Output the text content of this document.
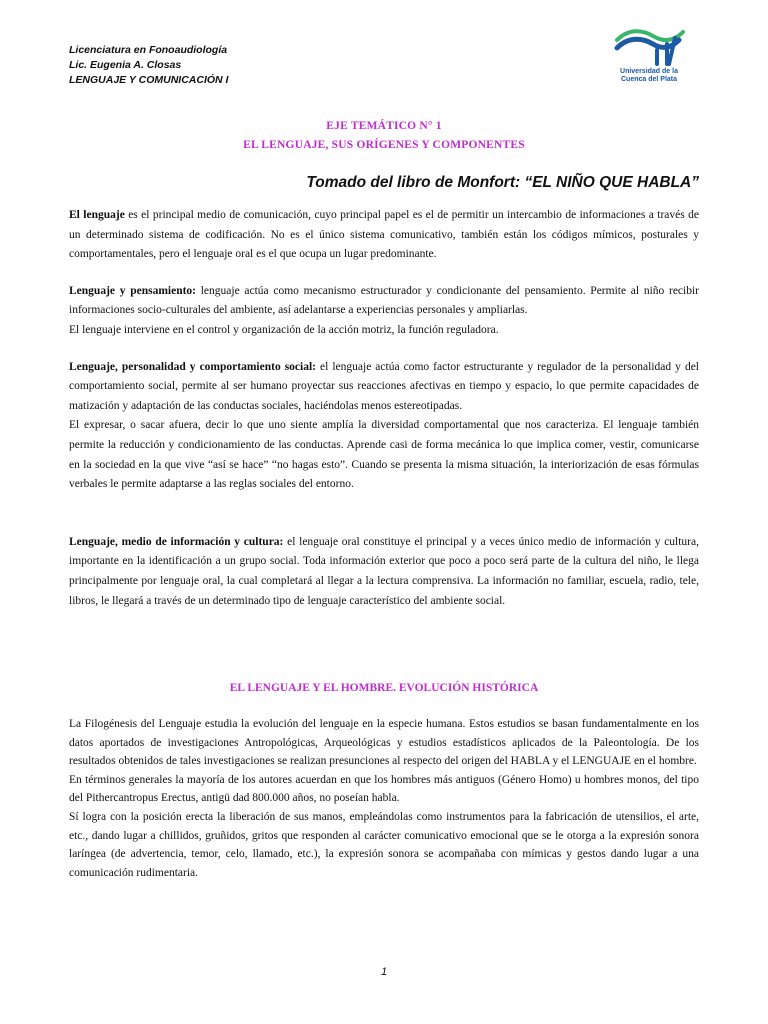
Licenciatura en Fonoaudiología
Lic. Eugenia A. Closas
LENGUAJE Y COMUNICACIÓN I
Universidad de la
Cuenca del Plata
EJE TEMÁTICO N° 1
EL LENGUAJE, SUS ORÍGENES Y COMPONENTES
Tomado del libro de Monfort: “EL NIÑO QUE HABLA”

El lenguaje es el principal medio de comunicación, cuyo principal papel es el de permitir un intercambio de informaciones a través de un determinado sistema de codificación. No es el único sistema comunicativo, también están los códigos mímicos, posturales y comportamentales, pero el lenguaje oral es el que ocupa un lugar predominante.

Lenguaje y pensamiento: lenguaje actúa como mecanismo estructurador y condicionante del pensamiento. Permite al niño recibir informaciones socio-culturales del ambiente, así adelantarse a experiencias personales y ampliarlas.

El lenguaje interviene en el control y organización de la acción motriz, la función reguladora.

Lenguaje, personalidad y comportamiento social: el lenguaje actúa como factor estructurante y regulador de la personalidad y del comportamiento social, permite al ser humano proyectar sus reacciones afectivas en tiempo y espacio, lo que permite capacidades de matización y adaptación de las conductas sociales, haciéndolas menos estereotipadas.

El expresar, o sacar afuera, decir lo que uno siente amplía la diversidad comportamental que nos caracteriza. El lenguaje también permite la reducción y condicionamiento de las conductas. Aprende casi de forma mecánica lo que implica comer, vestir, comunicarse en la sociedad en la que vive “así se hace” “no hagas esto”. Cuando se presenta la misma situación, la interiorización de esas fórmulas verbales le permite adaptarse a las reglas sociales del entorno.

Lenguaje, medio de información y cultura: el lenguaje oral constituye el principal y a veces único medio de información y cultura, importante en la identificación a un grupo social. Toda información exterior que poco a poco será parte de la cultura del niño, le llega principalmente por lenguaje oral, la cual completará al llegar a la lectura comprensiva. La información no familiar, escuela, radio, tele, libros, le llegará a través de un determinado tipo de lenguaje característico del ambiente social.

EL LENGUAJE Y EL HOMBRE. EVOLUCIÓN HISTÓRICA

La Filogénesis del Lenguaje estudia la evolución del lenguaje en la especie humana. Estos estudios se basan fundamentalmente en los datos aportados de investigaciones Antropológicas, Arqueológicas y estudios estadísticos aplicados de la Paleontología. De los resultados obtenidos de tales investigaciones se realizan presunciones al respecto del origen del HABLA y el LENGUAJE en el hombre.

En términos generales la mayoría de los autores acuerdan en que los hombres más antiguos (Género Homo) u hombres monos, del tipo del Pithercantropus Erectus, antigü dad 800.000 años, no poseían habla.

Sí logra con la posición erecta la liberación de sus manos, empleándolas como instrumentos para la fabricación de utensilios, el arte, etc., dando lugar a chillidos, gruñidos, gritos que responden al carácter comunicativo emocional que se le otorga a la expresión sonora laríngea (de advertencia, temor, celo, llamado, etc.), la expresión sonora se acompañaba con mímicas y gestos dando lugar a una comunicación rudimentaria.

1
